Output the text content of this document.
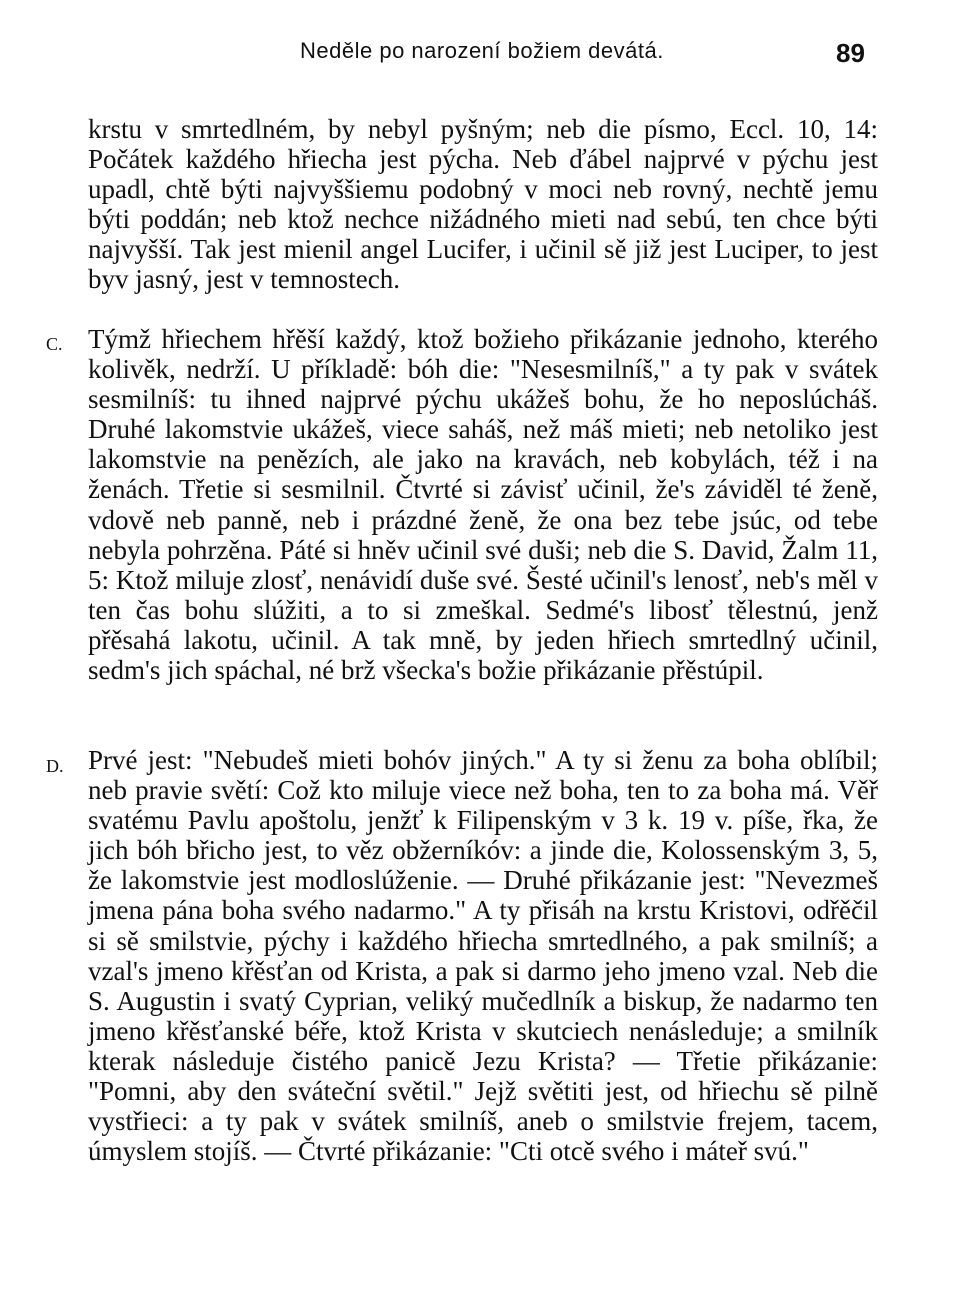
Neděle po narození božiem devátá.	89

krstu v smrtedlném, by nebyl pyšným; neb die písmo, Eccl. 10, 14: Počátek každého hřiecha jest pýcha. Neb ďábel najprvé v pýchu jest upadl, chtě býti najvyššiemu podobný v moci neb rovný, nechtě jemu býti poddán; neb ktož nechce nižádného mieti nad sebú, ten chce býti najvyšší. Tak jest mienil angel Lucifer, i učinil sě již jest Luciper, to jest byv jasný, jest v temnostech.

C. Týmž hřiechem hřěší každý, ktož božieho přikázanie jednoho, kterého kolivěk, nedrží. U příkladě: bóh die: "Nesesmilníš," a ty pak v svátek sesmilníš: tu ihned najprvé pýchu ukážeš bohu, že ho neposlúcháš. Druhé lakomstvie ukážeš, viece saháš, než máš mieti; neb netoliko jest lakomstvie na penězích, ale jako na kravách, neb kobylách, též i na ženách. Třetie si sesmilnil. Čtvrté si závisť učinil, že's záviděl té ženě, vdově neb panně, neb i prázdné ženě, že ona bez tebe jsúc, od tebe nebyla pohrzěna. Páté si hněv učinil své duši; neb die S. David, Žalm 11, 5: Ktož miluje zlosť, nenávidí duše své. Šesté učinil's lenosť, neb's měl v ten čas bohu slúžiti, a to si zmeškal. Sedmé's libosť tělestnú, jenž přěsahá lakotu, učinil. A tak mně, by jeden hřiech smrtedlný učinil, sedm's jich spáchal, né brž všecka's božie přikázanie přěstúpil.

D. Prvé jest: "Nebudeš mieti bohóv jiných." A ty si ženu za boha oblíbil; neb pravie světí: Což kto miluje viece než boha, ten to za boha má. Věř svatému Pavlu apoštolu, jenžť k Filipenským v 3 k. 19 v. píše, řka, že jich bóh břicho jest, to věz obžerníkóv: a jinde die, Kolossenským 3, 5, že lakomstvie jest modloslúženie. — Druhé přikázanie jest: "Nevezmeš jmena pána boha svého nadarmo." A ty přisáh na krstu Kristovi, odřěčil si sě smilstvie, pýchy i každého hřiecha smrtedlného, a pak smilníš; a vzal's jmeno křěsťan od Krista, a pak si darmo jeho jmeno vzal. Neb die S. Augustin i svatý Cyprian, veliký mučedlník a biskup, že nadarmo ten jmeno křěsťanské béře, ktož Krista v skutciech nenásleduje; a smilník kterak následuje čistého panicě Jezu Krista? — Třetie přikázanie: "Pomni, aby den sváteční světil." Jejž světiti jest, od hřiechu sě pilně vystřieci: a ty pak v svátek smilníš, aneb o smilstvie frejem, tacem, úmyslem stojíš. — Čtvrté přikázanie: "Cti otcě svého i máteř svú."
